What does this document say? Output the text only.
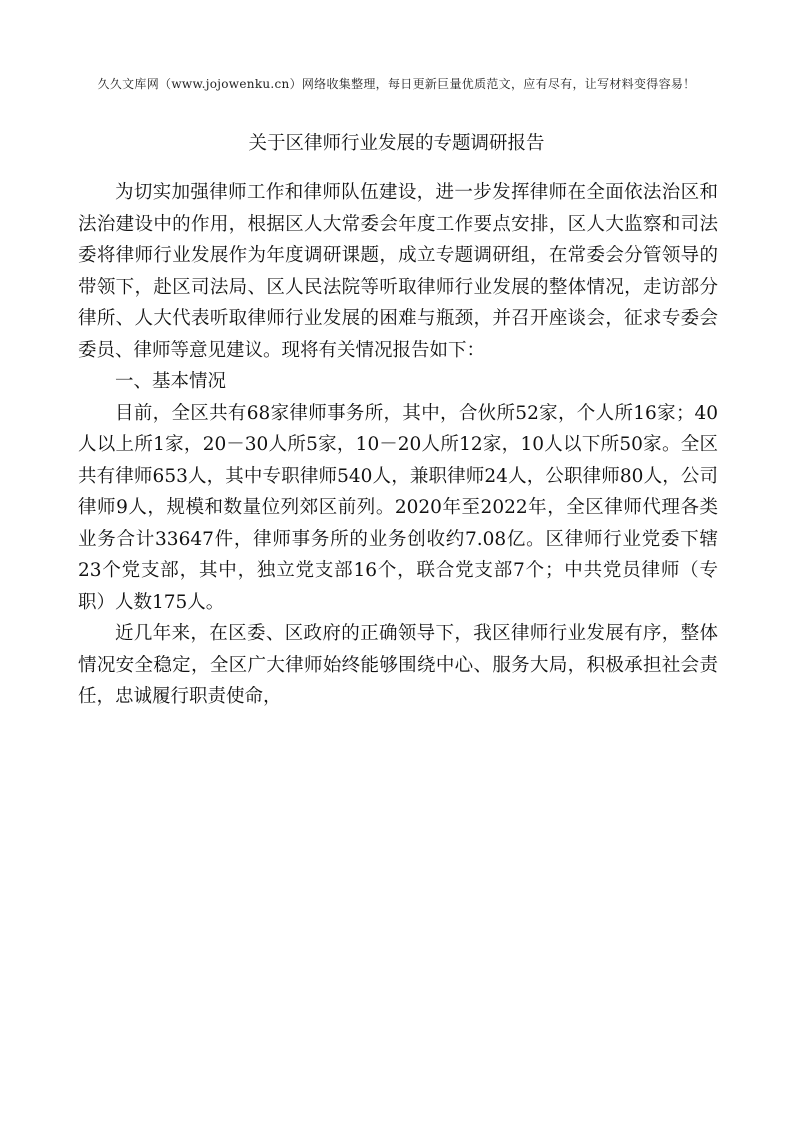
久久文库网（www.jojowenku.cn）网络收集整理，每日更新巨量优质范文，应有尽有，让写材料变得容易！
关于区律师行业发展的专题调研报告

为切实加强律师工作和律师队伍建设，进一步发挥律师在全面依法治区和法治建设中的作用，根据区人大常委会年度工作要点安排，区人大监察和司法委将律师行业发展作为年度调研课题，成立专题调研组，在常委会分管领导的带领下，赴区司法局、区人民法院等听取律师行业发展的整体情况，走访部分律所、人大代表听取律师行业发展的困难与瓶颈，并召开座谈会，征求专委会委员、律师等意见建议。现将有关情况报告如下：

一、基本情况

目前，全区共有68家律师事务所，其中，合伙所52家，个人所16家；40人以上所1家，20－30人所5家，10－20人所12家，10人以下所50家。全区共有律师653人，其中专职律师540人，兼职律师24人，公职律师80人，公司律师9人，规模和数量位列郊区前列。2020年至2022年，全区律师代理各类业务合计33647件，律师事务所的业务创收约7.08亿。区律师行业党委下辖23个党支部，其中，独立党支部16个，联合党支部7个；中共党员律师（专职）人数175人。

近几年来，在区委、区政府的正确领导下，我区律师行业发展有序，整体情况安全稳定，全区广大律师始终能够围绕中心、服务大局，积极承担社会责任，忠诚履行职责使命，
